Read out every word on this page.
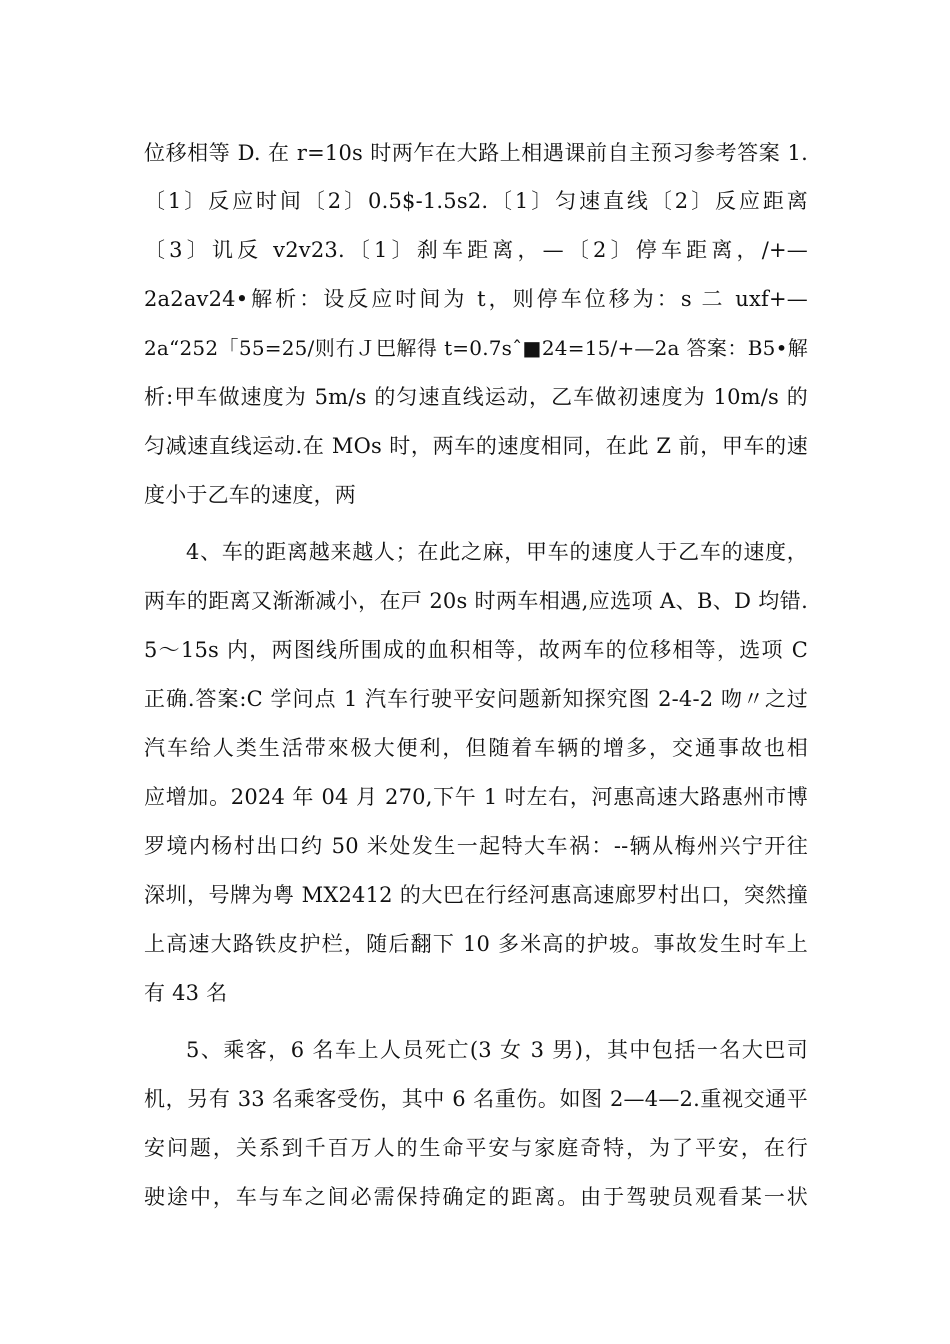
位移相等 D. 在 r=10s 时两乍在大路上相遇课前自主预习参考答案 1.
〔1〕反应时间〔2〕0.5$-1.5s2.〔1〕匀速直线〔2〕反应距离
〔3〕讥反 v2v23.〔1〕刹车距离，—〔2〕停车距离，/+—
2a2av24•解析：设反应吋间为 t，则停车位移为：s 二 uxf+—
2a“252「55=25/则冇Ｊ巴解得 t=0.7sˆ■24=15/+—2a 答案：B5•解
析:甲车做速度为 5m/s 的匀速直线运动，乙车做初速度为 10m/s 的
匀减速直线运动.在 MOs 时，两车的速度相同，在此 Z 前，甲车的速
度小于乙车的速度，两
4、车的距离越来越人；在此之麻，甲车的速度人于乙车的速度，
两车的距离又渐渐减小，在戸 20s 时两车相遇,应选项 A、B、D 均错.
5〜15s 内，两图线所围成的血积相等，故两车的位移相等，选项 C
正确.答案:C 学问点 1 汽车行驶平安问题新知探究图 2-4-2 吻〃之过
汽车给人类生活带來极大便利，但随着车辆的增多，交通事故也相
应增加。2024 年 04 月 270,下午 1 吋左右，河惠高速大路惠州市博
罗境内杨村出口约 50 米处发生一起特大车祸：--辆从梅州兴宁开往
深圳，号牌为粤 MX2412 的大巴在行经河惠高速廊罗村出口，突然撞
上高速大路铁皮护栏，随后翻下 10 多米高的护坡。事故发生时车上
有 43 名
5、乘客，6 名车上人员死亡(3 女 3 男)，其中包括一名大巴司
机，另有 33 名乘客受伤，其中 6 名重伤。如图 2—4—2.重视交通平
安问题，关系到千百万人的生命平安与家庭奇特，为了平安，在行
驶途中，车与车之间必需保持确定的距离。由于驾驶员观看某一状
